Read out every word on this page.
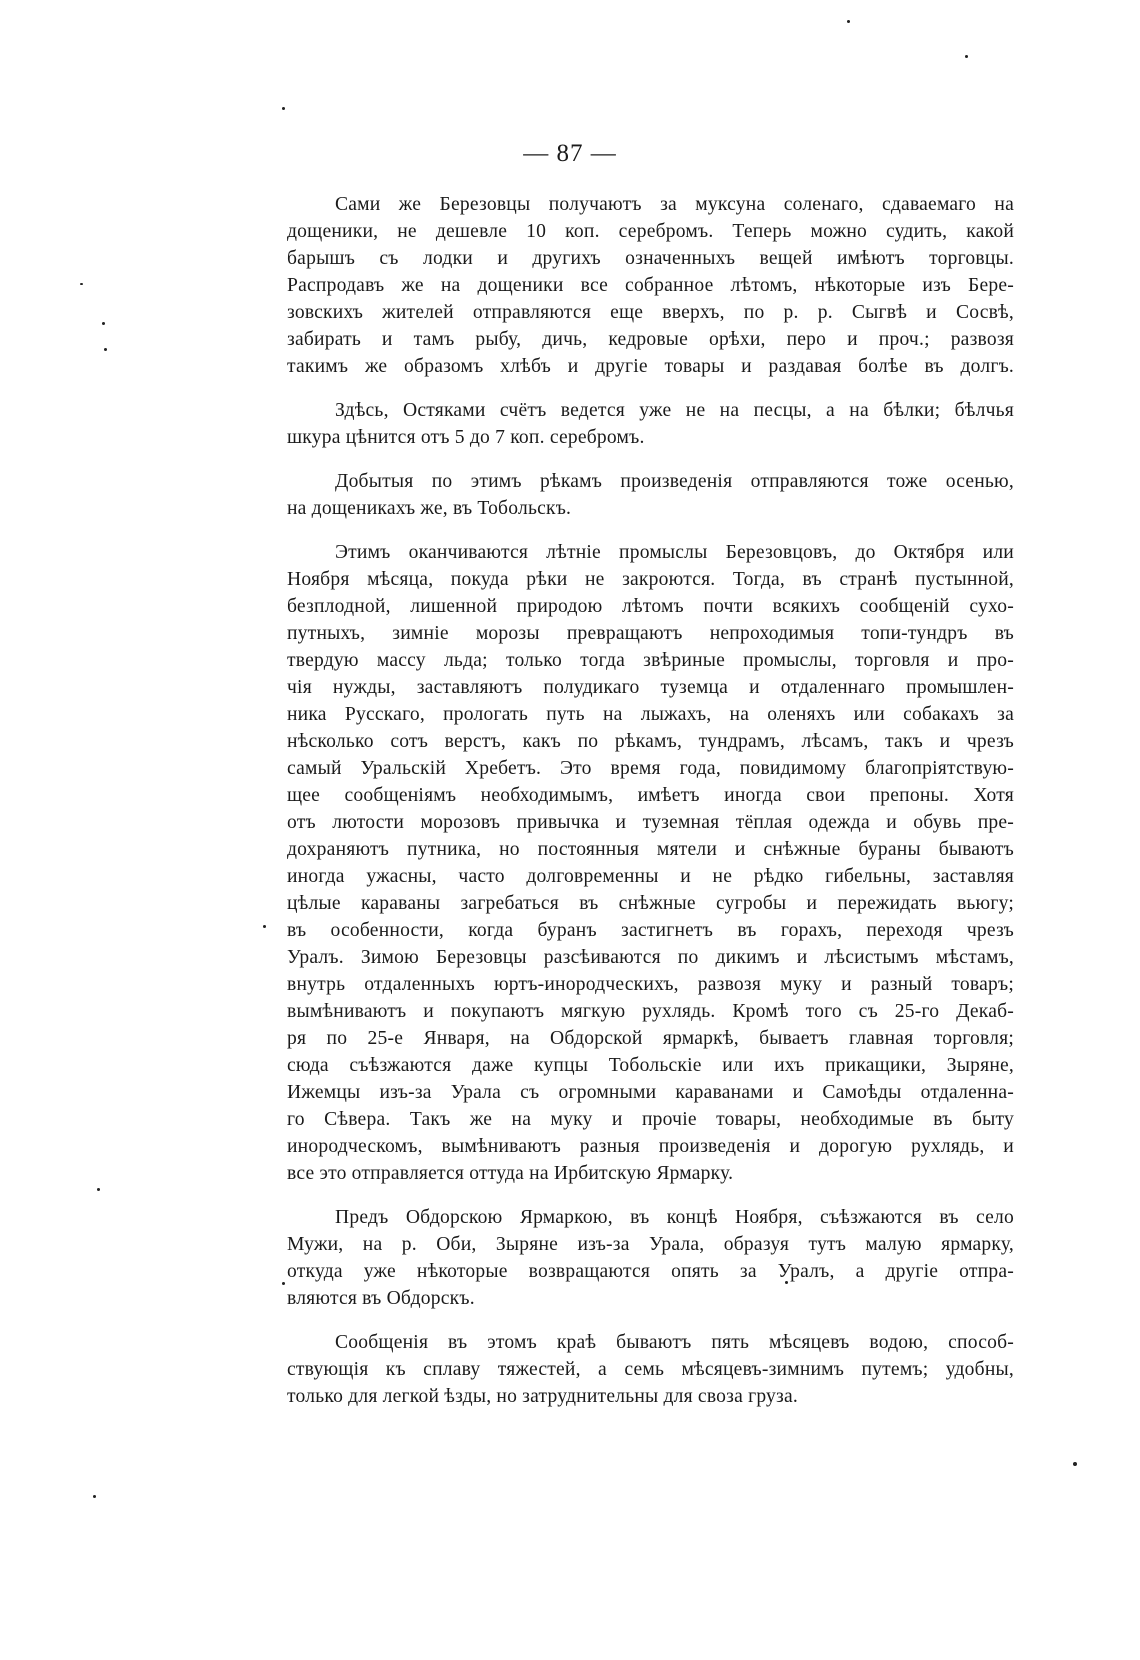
— 87 —

Сами же Березовцы получаютъ за муксуна соленаго, сдаваемаго на
дощеники, не дешевле 10 коп. серебромъ. Теперь можно судить, какой
барышъ съ лодки и другихъ означенныхъ вещей имѣютъ торговцы.
Распродавъ же на дощеники все собранное лѣтомъ, нѣкоторые изъ Бере-
зовскихъ жителей отправляются еще вверхъ, по р. р. Сыгвѣ и Сосвѣ,
забирать и тамъ рыбу, дичь, кедровые орѣхи, перо и проч.; развозя
такимъ же образомъ хлѣбъ и другіе товары и раздавая болѣе въ долгъ.

Здѣсь, Остяками счётъ ведется уже не на песцы, а на бѣлки; бѣлчья
шкура цѣнится отъ 5 до 7 коп. серебромъ.

Добытыя по этимъ рѣкамъ произведенія отправляются тоже осенью,
на дощеникахъ же, въ Тобольскъ.

Этимъ оканчиваются лѣтніе промыслы Березовцовъ, до Октября или
Ноября мѣсяца, покуда рѣки не закроются. Тогда, въ странѣ пустынной,
безплодной, лишенной природою лѣтомъ почти всякихъ сообщеній сухо-
путныхъ, зимніе морозы превращаютъ непроходимыя топи-тундръ въ
твердую массу льда; только тогда звѣриные промыслы, торговля и про-
чія нужды, заставляютъ полудикаго туземца и отдаленнаго промышлен-
ника Русскаго, прологать путь на лыжахъ, на оленяхъ или собакахъ за
нѣсколько сотъ верстъ, какъ по рѣкамъ, тундрамъ, лѣсамъ, такъ и чрезъ
самый Уральскій Хребетъ. Это время года, повидимому благопріятствую-
щее сообщеніямъ необходимымъ, имѣетъ иногда свои препоны. Хотя
отъ лютости морозовъ привычка и туземная тёплая одежда и обувь пре-
дохраняютъ путника, но постоянныя мятели и снѣжные бураны бываютъ
иногда ужасны, часто долговременны и не рѣдко гибельны, заставляя
цѣлые караваны загребаться въ снѣжные сугробы и пережидать вьюгу;
въ особенности, когда буранъ застигнетъ въ горахъ, переходя чрезъ
Уралъ. Зимою Березовцы разсѣиваются по дикимъ и лѣсистымъ мѣстамъ,
внутрь отдаленныхъ юртъ-инородческихъ, развозя муку и разный товаръ;
вымѣниваютъ и покупаютъ мягкую рухлядь. Кромѣ того съ 25-го Декаб-
ря по 25-е Января, на Обдорской ярмаркѣ, бываетъ главная торговля;
сюда съѣзжаются даже купцы Тобольскіе или ихъ прикащики, Зыряне,
Ижемцы изъ-за Урала съ огромными караванами и Самоѣды отдаленна-
го Сѣвера. Такъ же на муку и прочіе товары, необходимые въ быту
инородческомъ, вымѣниваютъ разныя произведенія и дорогую рухлядь, и
все это отправляется оттуда на Ирбитскую Ярмарку.

Предъ Обдорскою Ярмаркою, въ концѣ Ноября, съѣзжаются въ село
Мужи, на р. Оби, Зыряне изъ-за Урала, образуя тутъ малую ярмарку,
откуда уже нѣкоторые возвращаются опять за Уралъ, а другіе отпра-
вляются въ Обдорскъ.

Сообщенія въ этомъ краѣ бываютъ пять мѣсяцевъ водою, способ-
ствующія къ сплаву тяжестей, а семь мѣсяцевъ-зимнимъ путемъ; удобны,
только для легкой ѣзды, но затруднительны для своза груза.
